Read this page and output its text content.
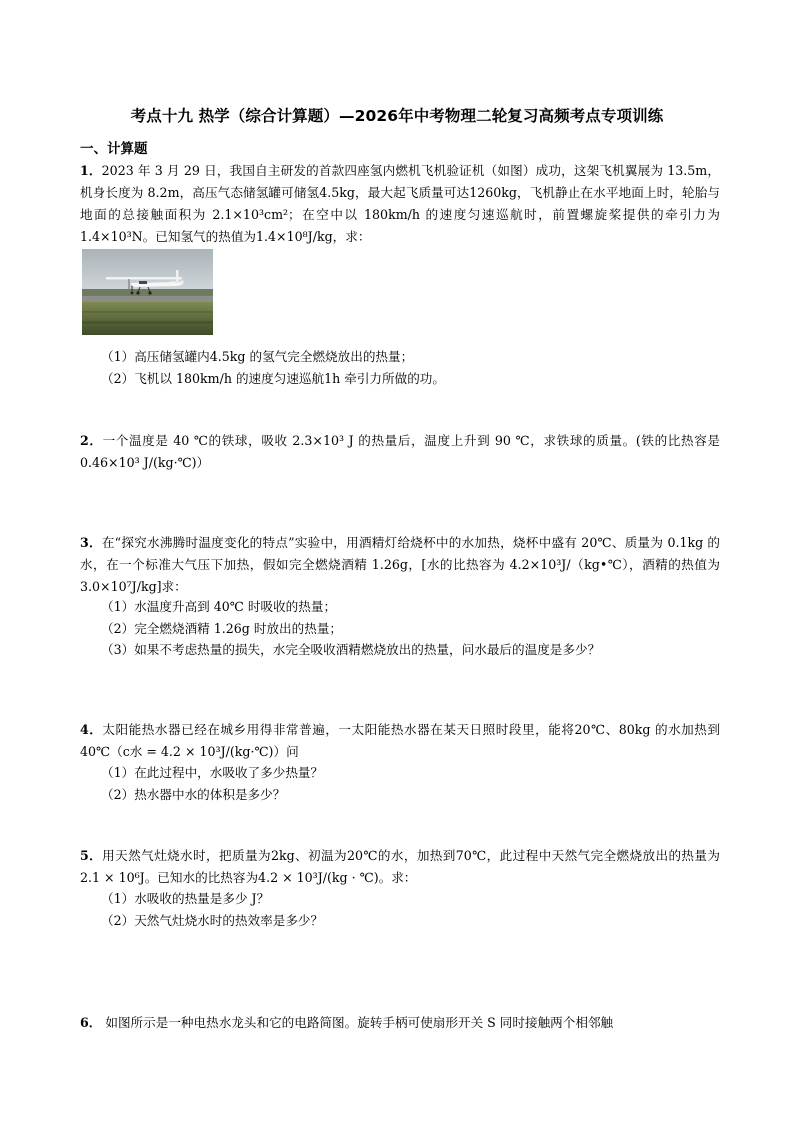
考点十九 热学（综合计算题）—2026年中考物理二轮复习高频考点专项训练
一、计算题
1．2023 年 3 月 29 日，我国自主研发的首款四座氢内燃机飞机验证机（如图）成功，这架飞机翼展为 13.5m，机身长度为 8.2m，高压气态储氢罐可储氢4.5kg，最大起飞质量可达1260kg，飞机静止在水平地面上时，轮胎与地面的总接触面积为 2.1×10³cm²；在空中以 180km/h 的速度匀速巡航时，前置螺旋桨提供的牵引力为 1.4×10³N。已知氢气的热值为1.4×10⁸J/kg，求：
（1）高压储氢罐内4.5kg 的氢气完全燃烧放出的热量；
（2）飞机以 180km/h 的速度匀速巡航1h 牵引力所做的功。
2．一个温度是 40 ℃的铁球，吸收 2.3×10³ J 的热量后，温度上升到 90 ℃，求铁球的质量。(铁的比热容是 0.46×10³ J/(kg·℃)）
3．在“探究水沸腾时温度变化的特点”实验中，用酒精灯给烧杯中的水加热，烧杯中盛有 20℃、质量为 0.1kg 的水，在一个标准大气压下加热，假如完全燃烧酒精 1.26g，[水的比热容为 4.2×10³J/（kg•℃），酒精的热值为 3.0×10⁷J/kg]求：
（1）水温度升高到 40℃ 时吸收的热量；
（2）完全燃烧酒精 1.26g 时放出的热量；
（3）如果不考虑热量的损失，水完全吸收酒精燃烧放出的热量，问水最后的温度是多少？
4．太阳能热水器已经在城乡用得非常普遍，一太阳能热水器在某天日照时段里，能将20℃、80kg 的水加热到40℃（c水 = 4.2 × 10³J/(kg·℃)）问
（1）在此过程中，水吸收了多少热量？
（2）热水器中水的体积是多少？
5．用天然气灶烧水时，把质量为2kg、初温为20℃的水，加热到70℃，此过程中天然气完全燃烧放出的热量为2.1 × 10⁶J。已知水的比热容为4.2 × 10³J/(kg · ℃)。求：
（1）水吸收的热量是多少 J？
（2）天然气灶烧水时的热效率是多少？
6． 如图所示是一种电热水龙头和它的电路简图。旋转手柄可使扇形开关 S 同时接触两个相邻触
